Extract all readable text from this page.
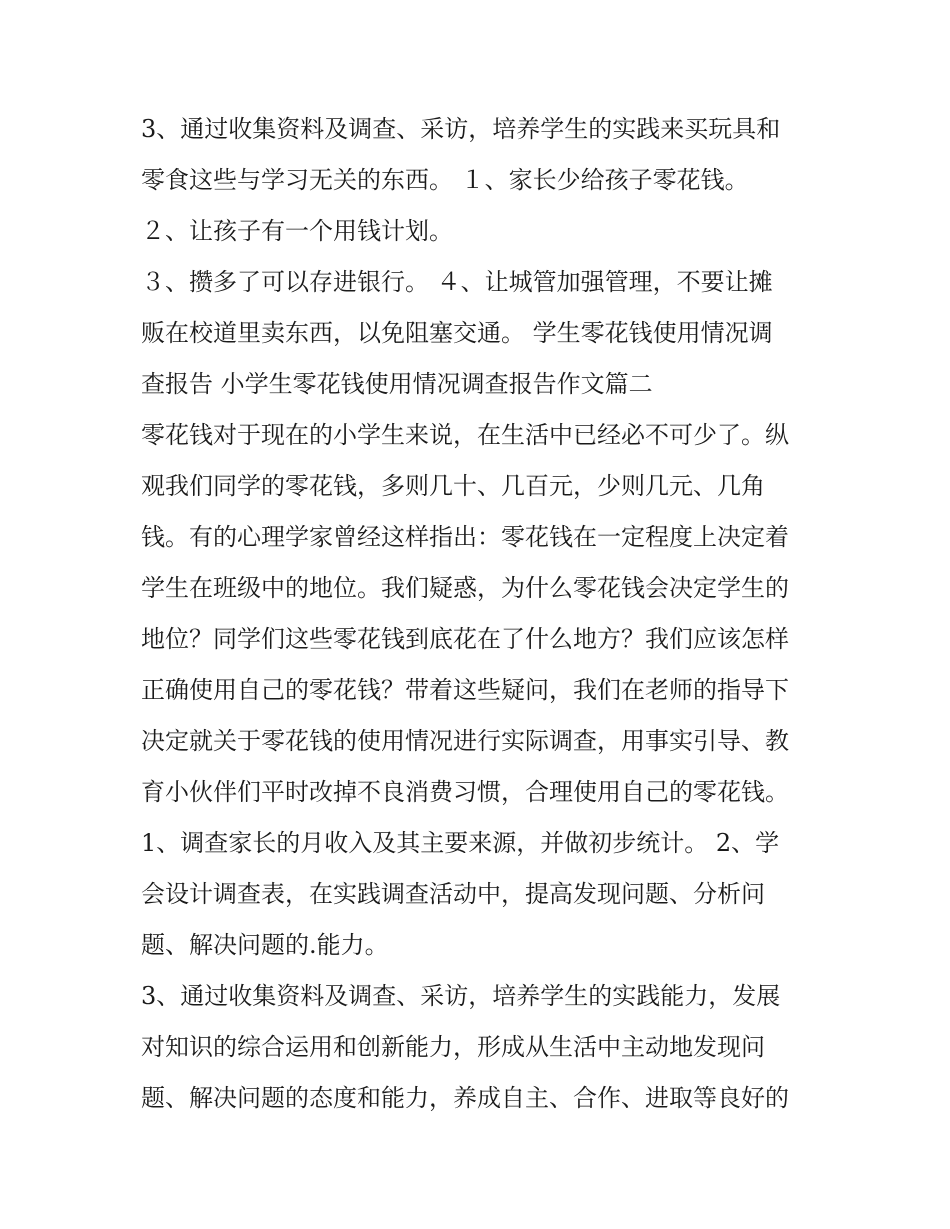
3、通过收集资料及调查、采访，培养学生的实践来买玩具和
零食这些与学习无关的东西。 １、家长少给孩子零花钱。
２、让孩子有一个用钱计划。
３、攒多了可以存进银行。 ４、让城管加强管理，不要让摊
贩在校道里卖东西，以免阻塞交通。 学生零花钱使用情况调
查报告 小学生零花钱使用情况调查报告作文篇二
零花钱对于现在的小学生来说，在生活中已经必不可少了。纵
观我们同学的零花钱，多则几十、几百元，少则几元、几角
钱。有的心理学家曾经这样指出：零花钱在一定程度上决定着
学生在班级中的地位。我们疑惑，为什么零花钱会决定学生的
地位？同学们这些零花钱到底花在了什么地方？我们应该怎样
正确使用自己的零花钱？带着这些疑问，我们在老师的指导下
决定就关于零花钱的使用情况进行实际调查，用事实引导、教
育小伙伴们平时改掉不良消费习惯，合理使用自己的零花钱。
1、调查家长的月收入及其主要来源，并做初步统计。 2、学
会设计调查表，在实践调查活动中，提高发现问题、分析问
题、解决问题的.能力。
3、通过收集资料及调查、采访，培养学生的实践能力，发展
对知识的综合运用和创新能力，形成从生活中主动地发现问
题、解决问题的态度和能力，养成自主、合作、进取等良好的
